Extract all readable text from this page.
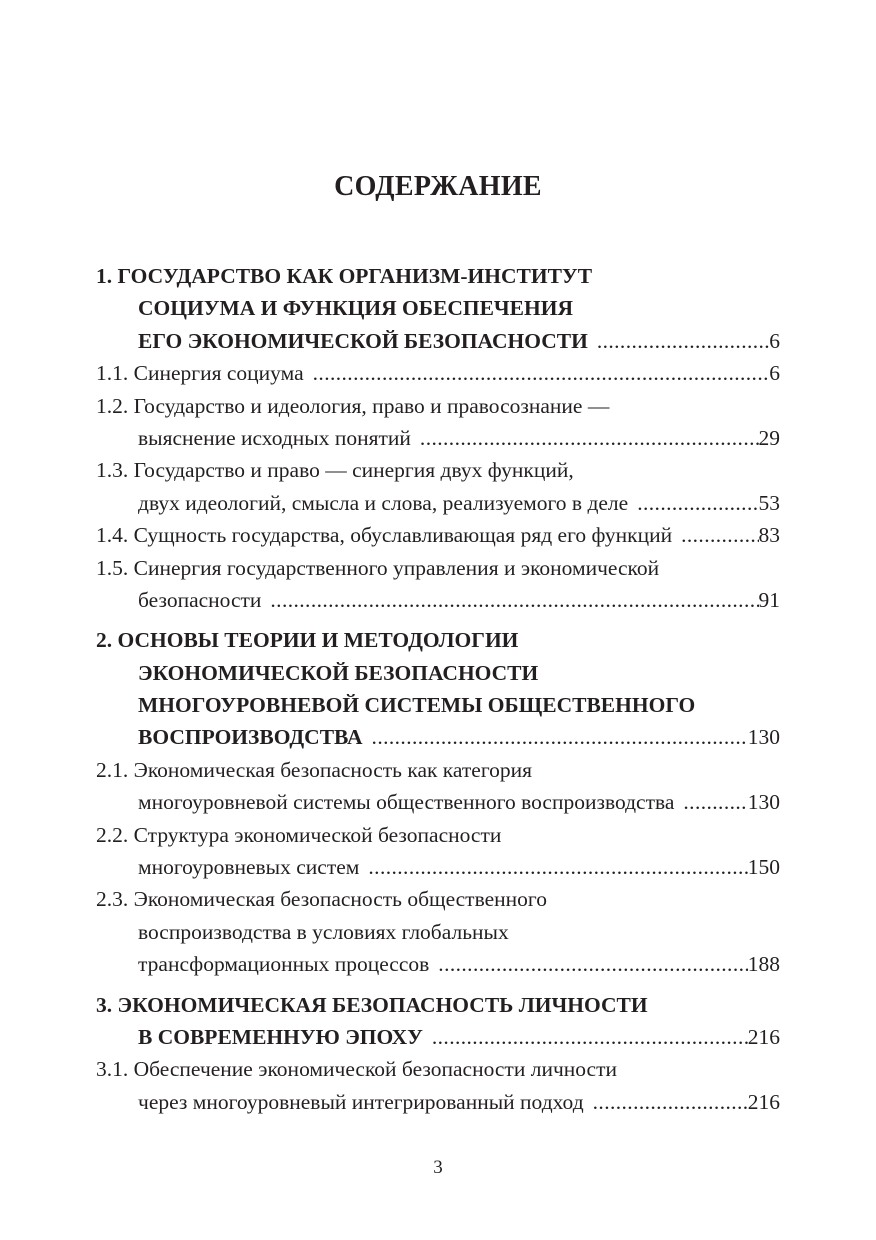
СОДЕРЖАНИЕ
1. ГОСУДАРСТВО КАК ОРГАНИЗМ-ИНСТИТУТ
СОЦИУМА И ФУНКЦИЯ ОБЕСПЕЧЕНИЯ
ЕГО ЭКОНОМИЧЕСКОЙ БЕЗОПАСНОСТИ .....	6
1.1. Синергия социума .....	6
1.2. Государство и идеология, право и правосознание —
выяснение исходных понятий .....	29
1.3. Государство и право — синергия двух функций,
двух идеологий, смысла и слова, реализуемого в деле .....	53
1.4. Сущность государства, обуславливающая ряд его функций .....	83
1.5. Синергия государственного управления и экономической
безопасности .....	91
2. ОСНОВЫ ТЕОРИИ И МЕТОДОЛОГИИ
ЭКОНОМИЧЕСКОЙ БЕЗОПАСНОСТИ
МНОГОУРОВНЕВОЙ СИСТЕМЫ ОБЩЕСТВЕННОГО
ВОСПРОИЗВОДСТВА .....	130
2.1. Экономическая безопасность как категория
многоуровневой системы общественного воспроизводства .....	130
2.2. Структура экономической безопасности
многоуровневых систем .....	150
2.3. Экономическая безопасность общественного
воспроизводства в условиях глобальных
трансформационных процессов .....	188
3. ЭКОНОМИЧЕСКАЯ БЕЗОПАСНОСТЬ ЛИЧНОСТИ
В СОВРЕМЕННУЮ ЭПОХУ .....	216
3.1. Обеспечение экономической безопасности личности
через многоуровневый интегрированный подход .....	216
3
